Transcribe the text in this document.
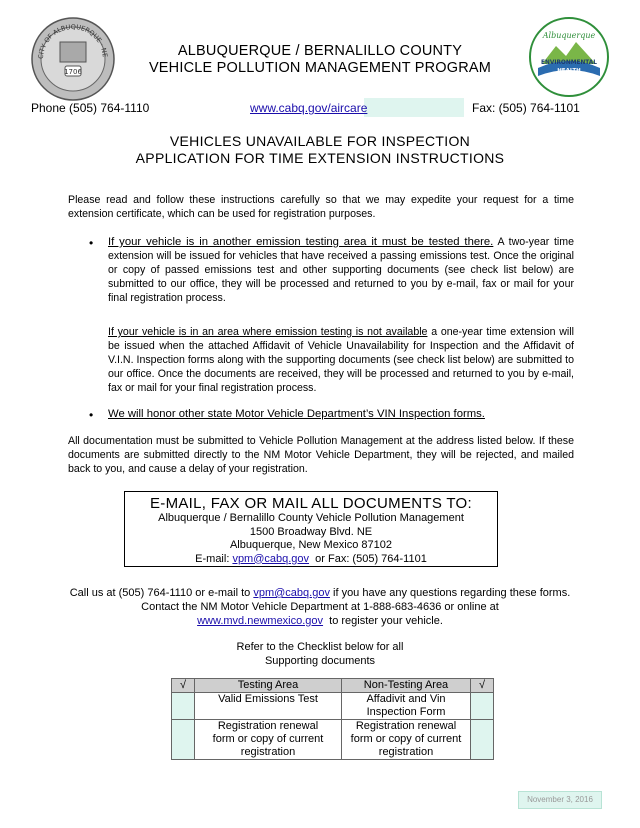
CITY OF ALBUQUERQUE · NE
1706
Albuquerque
ENVIRONMENTAL
HEALTH
DEPARTMENT
ALBUQUERQUE / BERNALILLO COUNTY
VEHICLE POLLUTION MANAGEMENT PROGRAM
Phone (505) 764-1110	www.cabq.gov/aircare	Fax: (505) 764-1101
VEHICLES UNAVAILABLE FOR INSPECTION
APPLICATION FOR TIME EXTENSION INSTRUCTIONS
Please read and follow these instructions carefully so that we may expedite your request for a time extension certificate, which can be used for registration purposes.
• If your vehicle is in another emission testing area it must be tested there. A two-year time extension will be issued for vehicles that have received a passing emissions test. Once the original or copy of passed emissions test and other supporting documents (see check list below) are submitted to our office, they will be processed and returned to you by e-mail, fax or mail for your final registration process.
If your vehicle is in an area where emission testing is not available a one-year time extension will be issued when the attached Affidavit of Vehicle Unavailability for Inspection and the Affidavit of V.I.N. Inspection forms along with the supporting documents (see check list below) are submitted to our office. Once the documents are received, they will be processed and returned to you by e-mail, fax or mail for your final registration process.
• We will honor other state Motor Vehicle Department’s VIN Inspection forms.
All documentation must be submitted to Vehicle Pollution Management at the address listed below. If these documents are submitted directly to the NM Motor Vehicle Department, they will be rejected, and mailed back to you, and cause a delay of your registration.
E-MAIL, FAX OR MAIL ALL DOCUMENTS TO:
Albuquerque / Bernalillo County Vehicle Pollution Management
1500 Broadway Blvd. NE
Albuquerque, New Mexico 87102
E-mail: vpm@cabq.gov  or Fax: (505) 764-1101
Call us at (505) 764-1110 or e-mail to vpm@cabq.gov if you have any questions regarding these forms.
Contact the NM Motor Vehicle Department at 1-888-683-4636 or online at
www.mvd.newmexico.gov  to register your vehicle.
Refer to the Checklist below for all
Supporting documents
√	Testing Area	Non-Testing Area	√
	Valid Emissions Test	Affadivit and Vin
Inspection Form	
	Registration renewal
form or copy of current
registration	Registration renewal
form or copy of current
registration	
November 3, 2016
